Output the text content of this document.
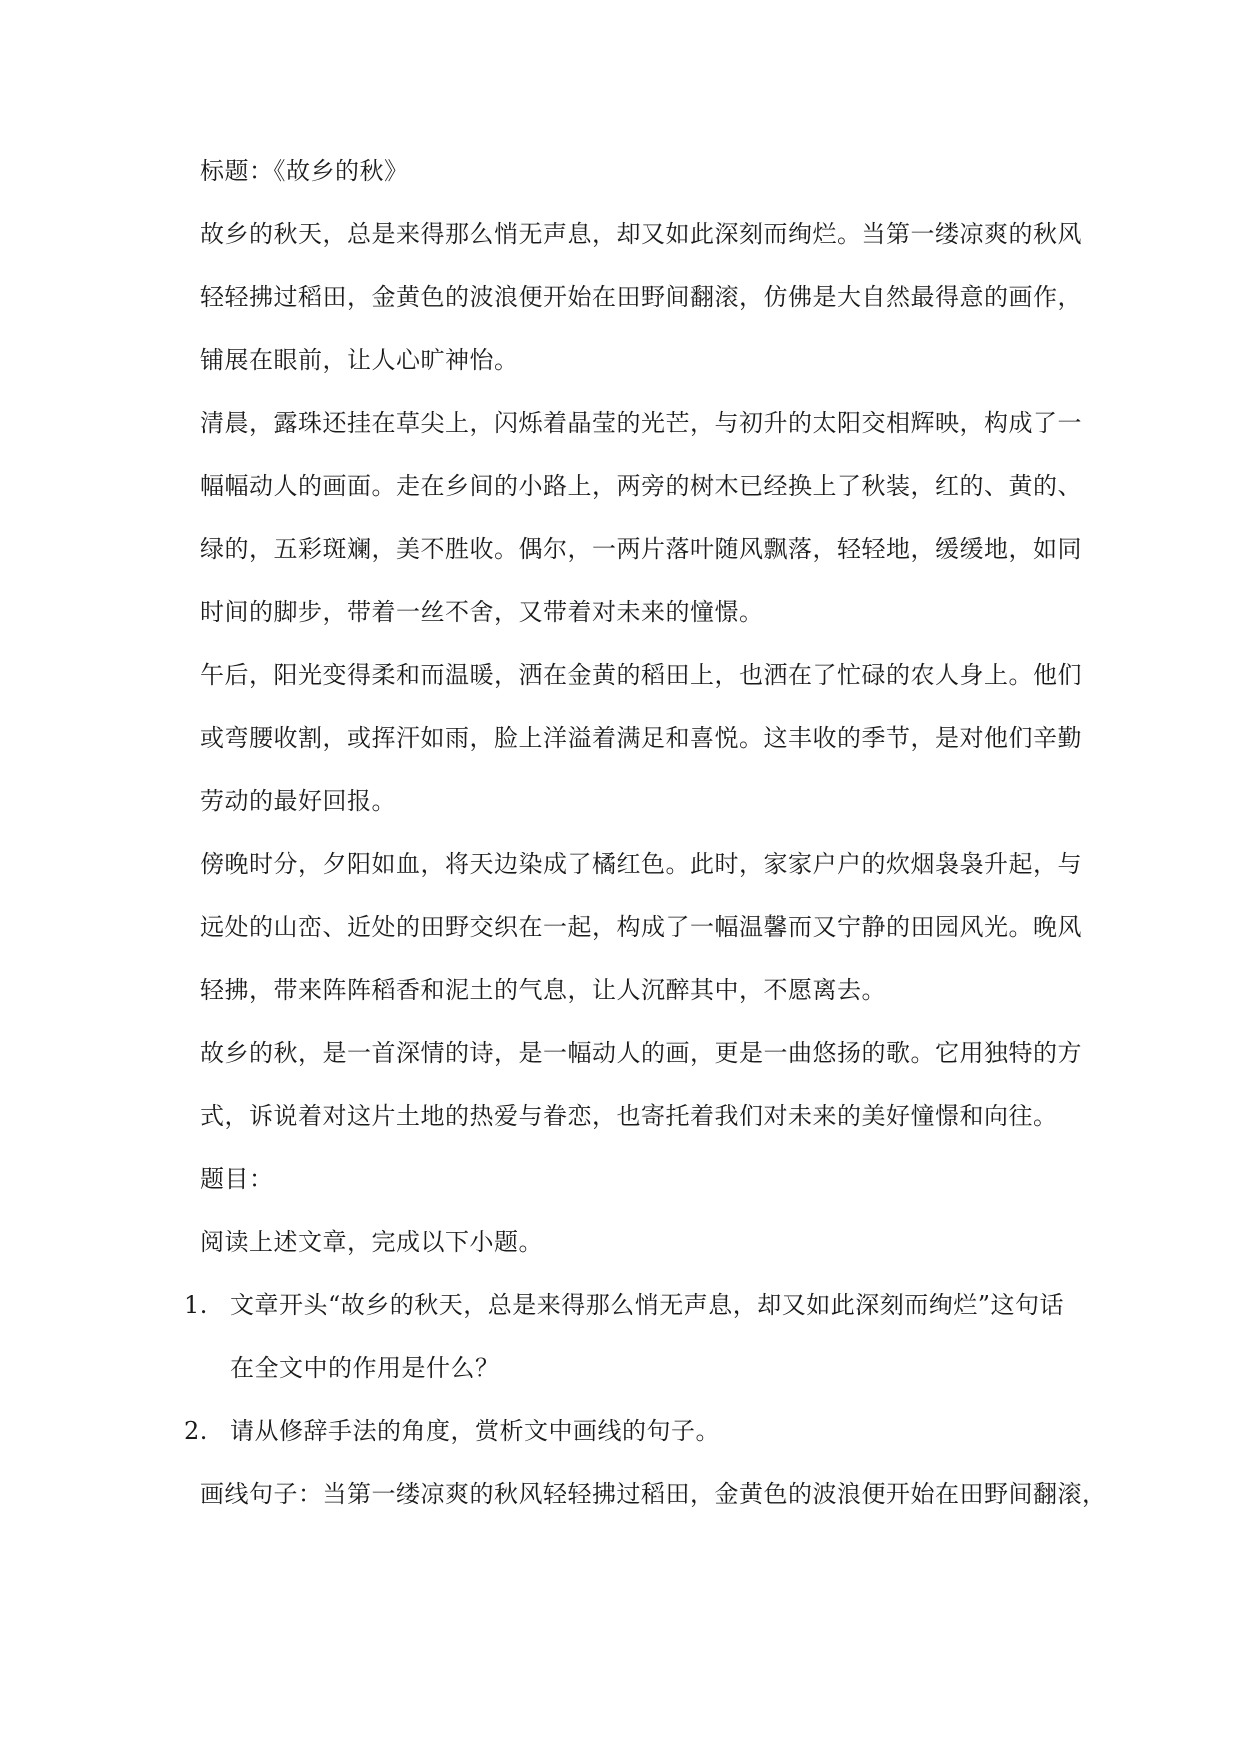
标题：《故乡的秋》
故乡的秋天，总是来得那么悄无声息，却又如此深刻而绚烂。当第一缕凉爽的秋风
轻轻拂过稻田，金黄色的波浪便开始在田野间翻滚，仿佛是大自然最得意的画作，
铺展在眼前，让人心旷神怡。
清晨，露珠还挂在草尖上，闪烁着晶莹的光芒，与初升的太阳交相辉映，构成了一
幅幅动人的画面。走在乡间的小路上，两旁的树木已经换上了秋装，红的、黄的、
绿的，五彩斑斓，美不胜收。偶尔，一两片落叶随风飘落，轻轻地，缓缓地，如同
时间的脚步，带着一丝不舍，又带着对未来的憧憬。
午后，阳光变得柔和而温暖，洒在金黄的稻田上，也洒在了忙碌的农人身上。他们
或弯腰收割，或挥汗如雨，脸上洋溢着满足和喜悦。这丰收的季节，是对他们辛勤
劳动的最好回报。
傍晚时分，夕阳如血，将天边染成了橘红色。此时，家家户户的炊烟袅袅升起，与
远处的山峦、近处的田野交织在一起，构成了一幅温馨而又宁静的田园风光。晚风
轻拂，带来阵阵稻香和泥土的气息，让人沉醉其中，不愿离去。
故乡的秋，是一首深情的诗，是一幅动人的画，更是一曲悠扬的歌。它用独特的方
式，诉说着对这片土地的热爱与眷恋，也寄托着我们对未来的美好憧憬和向往。
题目：
阅读上述文章，完成以下小题。
1. 文章开头“故乡的秋天，总是来得那么悄无声息，却又如此深刻而绚烂”这句话
在全文中的作用是什么？
2. 请从修辞手法的角度，赏析文中画线的句子。
画线句子：当第一缕凉爽的秋风轻轻拂过稻田，金黄色的波浪便开始在田野间翻滚，
